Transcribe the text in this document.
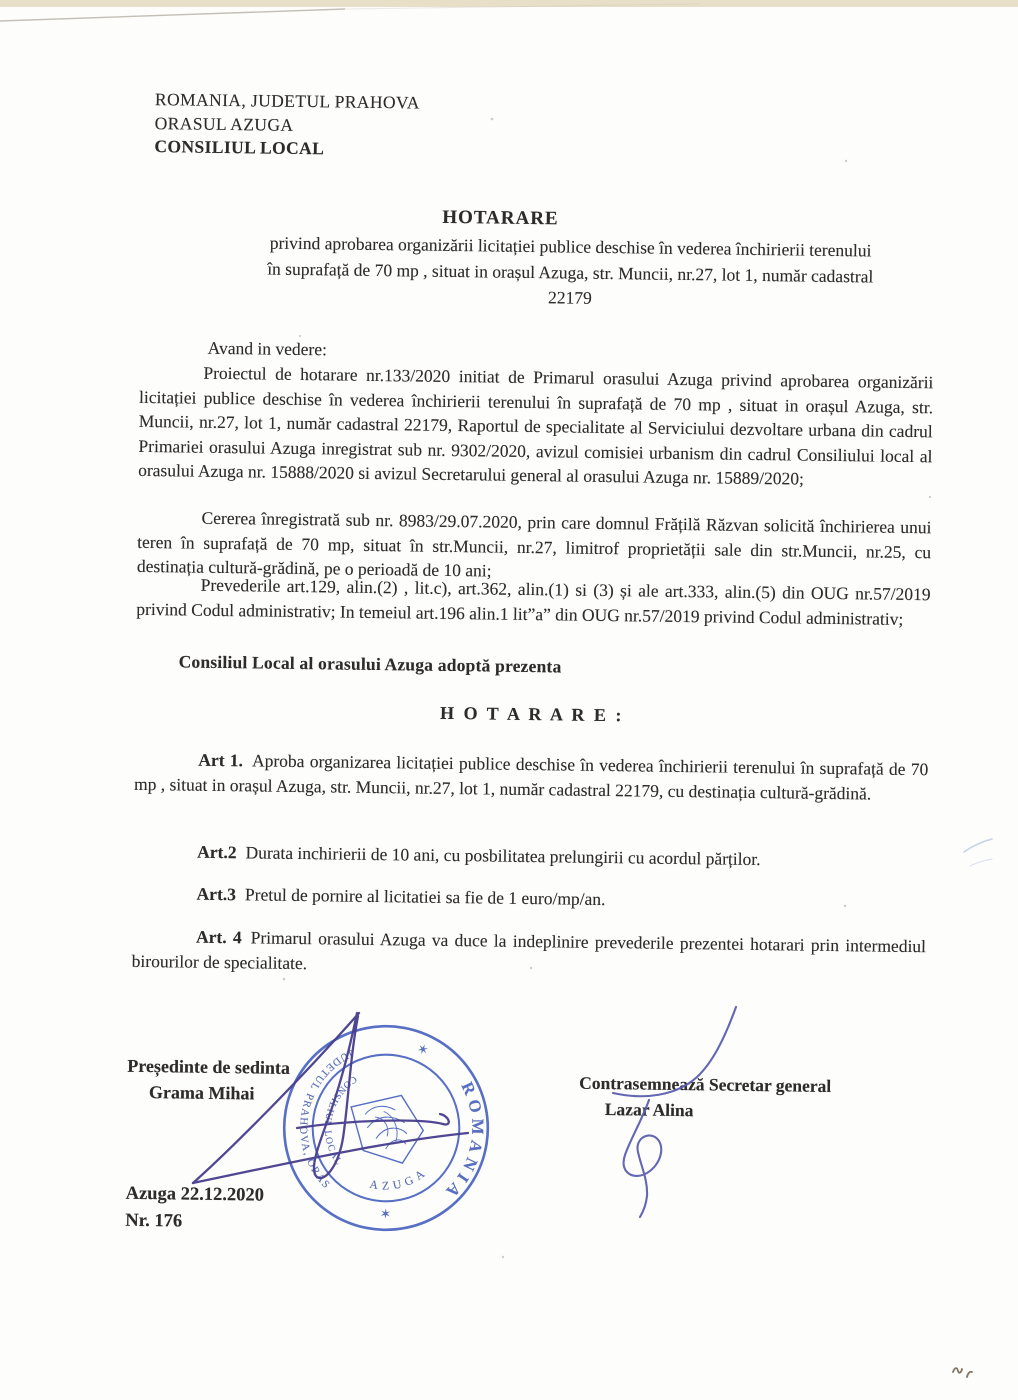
ROMANIA, JUDETUL PRAHOVA
ORASUL AZUGA
CONSILIUL LOCAL
HOTARARE
privind aprobarea organizării licitației publice deschise în vederea închirierii terenului
în suprafață de 70 mp , situat in orașul Azuga, str. Muncii, nr.27, lot 1, număr cadastral
22179
Avand in vedere:

Proiectul de hotarare nr.133/2020 initiat de Primarul orasului Azuga privind aprobarea organizării licitației publice deschise în vederea închirierii terenului în suprafață de 70 mp , situat in orașul Azuga, str. Muncii, nr.27, lot 1, număr cadastral 22179, Raportul de specialitate al Serviciului dezvoltare urbana din cadrul Primariei orasului Azuga inregistrat sub nr. 9302/2020, avizul comisiei urbanism din cadrul Consiliului local al orasului Azuga nr. 15888/2020 si avizul Secretarului general al orasului Azuga nr. 15889/2020;

Cererea înregistrată sub nr. 8983/29.07.2020, prin care domnul Frățilă Răzvan solicită închirierea unui teren în suprafață de 70 mp, situat în str.Muncii, nr.27, limitrof proprietății sale din str.Muncii, nr.25, cu destinația cultură-grădină, pe o perioadă de 10 ani;

Prevederile art.129, alin.(2) , lit.c), art.362, alin.(1) si (3) și ale art.333, alin.(5) din OUG nr.57/2019 privind Codul administrativ; In temeiul art.196 alin.1 lit”a” din OUG nr.57/2019 privind Codul administrativ;

Consiliul Local al orasului Azuga adoptă prezenta
H O T A R A R E :

Art 1. Aproba organizarea licitației publice deschise în vederea închirierii terenului în suprafață de 70 mp , situat in orașul Azuga, str. Muncii, nr.27, lot 1, număr cadastral 22179, cu destinația cultură-grădină.

Art.2 Durata inchirierii de 10 ani, cu posbilitatea prelungirii cu acordul părților.

Art.3 Pretul de pornire al licitatiei sa fie de 1 euro/mp/an.

Art. 4 Primarul orasului Azuga va duce la indeplinire prevederile prezentei hotarari prin intermediul birourilor de specialitate.

Președinte de sedinta
Grama Mihai	Contrasemnează Secretar general
Lazar Alina
Azuga 22.12.2020
Nr. 176
ROMANIA
✶
✶
JUDETUL PRAHOVA, ORAS
CONSILIUL LOCAL
AZUGA
